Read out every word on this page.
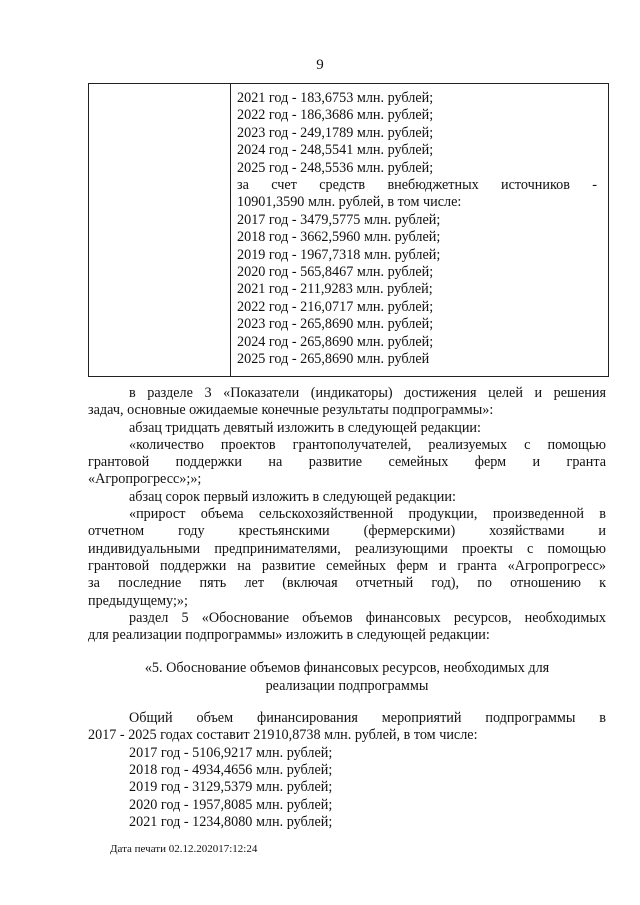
9
2021 год - 183,6753 млн. рублей;
2022 год - 186,3686 млн. рублей;
2023 год - 249,1789 млн. рублей;
2024 год - 248,5541 млн. рублей;
2025 год - 248,5536 млн. рублей;
за счет средств внебюджетных источников -
10901,3590 млн. рублей, в том числе:
2017 год - 3479,5775 млн. рублей;
2018 год - 3662,5960 млн. рублей;
2019 год - 1967,7318 млн. рублей;
2020 год - 565,8467 млн. рублей;
2021 год - 211,9283 млн. рублей;
2022 год - 216,0717 млн. рублей;
2023 год - 265,8690 млн. рублей;
2024 год - 265,8690 млн. рублей;
2025 год - 265,8690 млн. рублей
в разделе 3 «Показатели (индикаторы) достижения целей и решения
задач, основные ожидаемые конечные результаты подпрограммы»:
абзац тридцать девятый изложить в следующей редакции:
«количество проектов грантополучателей, реализуемых с помощью
грантовой поддержки на развитие семейных ферм и гранта
«Агропрогресс»;»;
абзац сорок первый изложить в следующей редакции:
«прирост объема сельскохозяйственной продукции, произведенной в
отчетном году крестьянскими (фермерскими) хозяйствами и
индивидуальными предпринимателями, реализующими проекты с помощью
грантовой поддержки на развитие семейных ферм и гранта «Агропрогресс»
за последние пять лет (включая отчетный год), по отношению к
предыдущему;»;
раздел 5 «Обоснование объемов финансовых ресурсов, необходимых
для реализации подпрограммы» изложить в следующей редакции:
«5. Обоснование объемов финансовых ресурсов, необходимых для
реализации подпрограммы
Общий объем финансирования мероприятий подпрограммы в
2017 - 2025 годах составит 21910,8738 млн. рублей, в том числе:
2017 год - 5106,9217 млн. рублей;
2018 год - 4934,4656 млн. рублей;
2019 год - 3129,5379 млн. рублей;
2020 год - 1957,8085 млн. рублей;
2021 год - 1234,8080 млн. рублей;
Дата печати 02.12.202017:12:24
